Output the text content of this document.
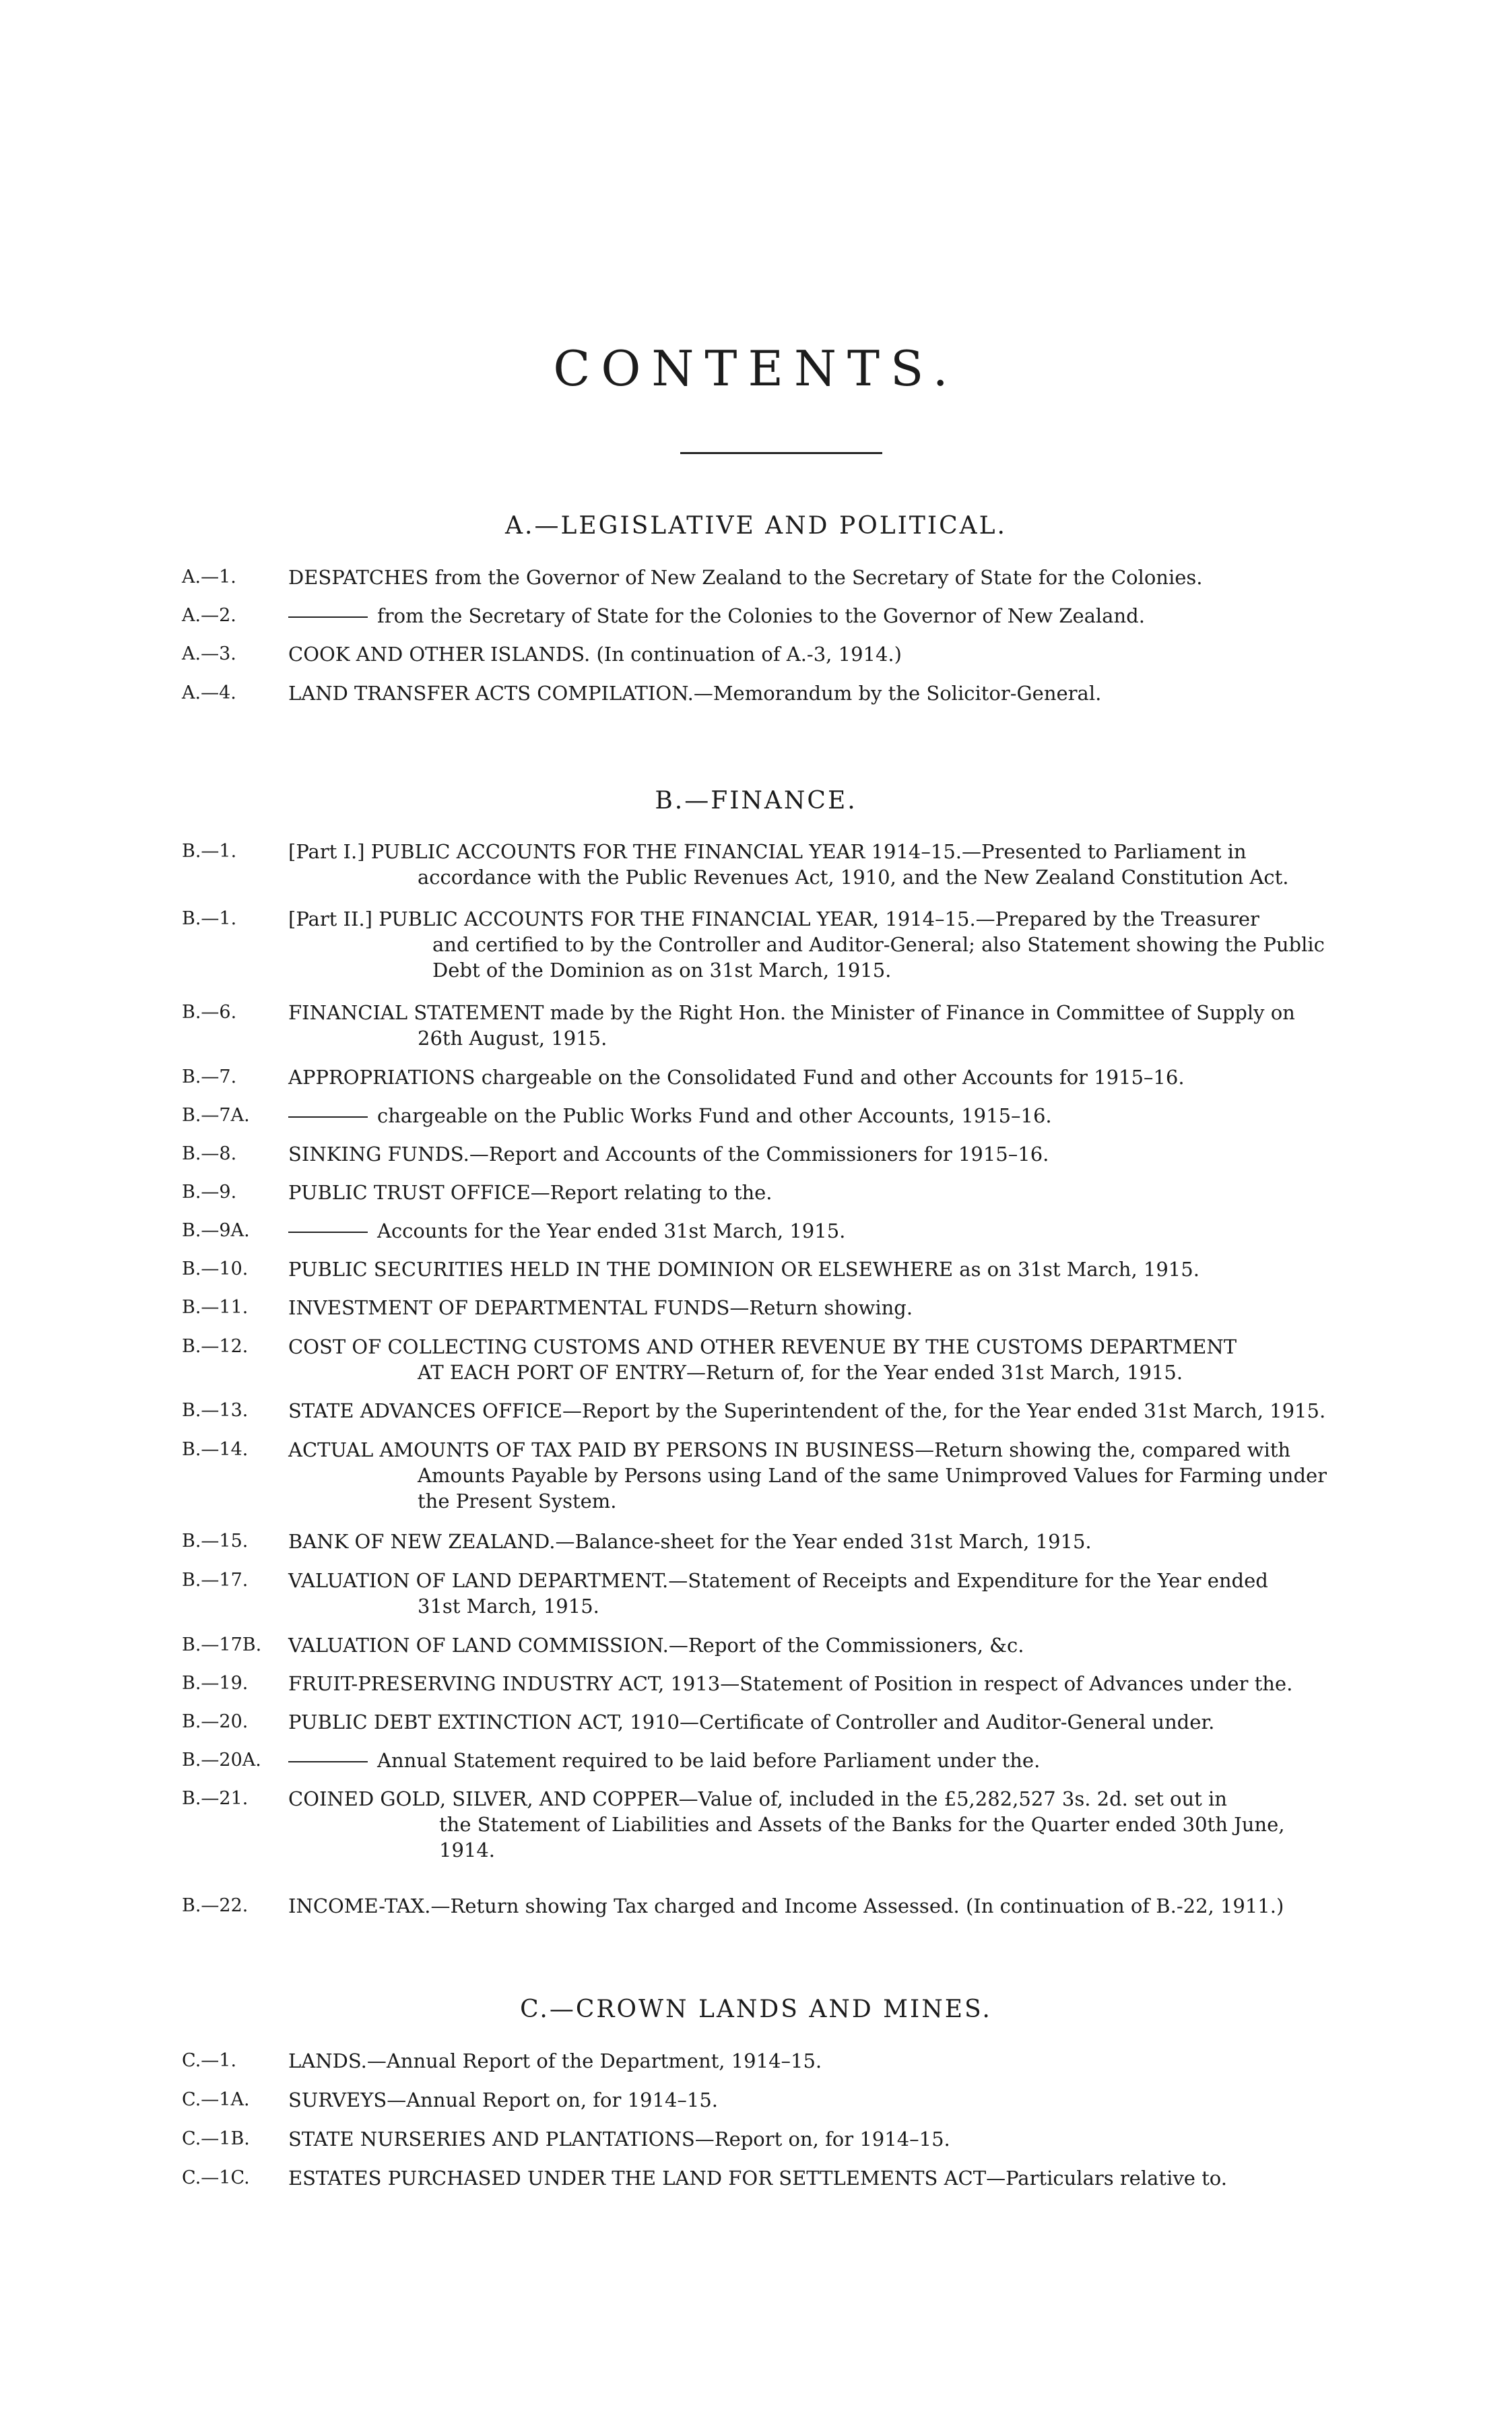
CONTENTS.
A.—LEGISLATIVE AND POLITICAL.
A.—1.	DESPATCHES from the Governor of New Zealand to the Secretary of State for the Colonies.
A.—2.	from the Secretary of State for the Colonies to the Governor of New Zealand.
A.—3.	COOK AND OTHER ISLANDS. (In continuation of A.-3, 1914.)
A.—4.	LAND TRANSFER ACTS COMPILATION.—Memorandum by the Solicitor-General.
B.—FINANCE.
B.—1.	[Part I.] PUBLIC ACCOUNTS FOR THE FINANCIAL YEAR 1914–15.—Presented to Parliament in
accordance with the Public Revenues Act, 1910, and the New Zealand Constitution Act.
B.—1.	[Part II.] PUBLIC ACCOUNTS FOR THE FINANCIAL YEAR, 1914–15.—Prepared by the Treasurer
and certified to by the Controller and Auditor-General; also Statement showing the Public
Debt of the Dominion as on 31st March, 1915.
B.—6.	FINANCIAL STATEMENT made by the Right Hon. the Minister of Finance in Committee of Supply on
26th August, 1915.
B.—7.	APPROPRIATIONS chargeable on the Consolidated Fund and other Accounts for 1915–16.
B.—7A.	chargeable on the Public Works Fund and other Accounts, 1915–16.
B.—8.	SINKING FUNDS.—Report and Accounts of the Commissioners for 1915–16.
B.—9.	PUBLIC TRUST OFFICE—Report relating to the.
B.—9A.	Accounts for the Year ended 31st March, 1915.
B.—10.	PUBLIC SECURITIES HELD IN THE DOMINION OR ELSEWHERE as on 31st March, 1915.
B.—11.	INVESTMENT OF DEPARTMENTAL FUNDS—Return showing.
B.—12.	COST OF COLLECTING CUSTOMS AND OTHER REVENUE BY THE CUSTOMS DEPARTMENT
AT EACH PORT OF ENTRY—Return of, for the Year ended 31st March, 1915.
B.—13.	STATE ADVANCES OFFICE—Report by the Superintendent of the, for the Year ended 31st March, 1915.
B.—14.	ACTUAL AMOUNTS OF TAX PAID BY PERSONS IN BUSINESS—Return showing the, compared with
Amounts Payable by Persons using Land of the same Unimproved Values for Farming under
the Present System.
B.—15.	BANK OF NEW ZEALAND.—Balance-sheet for the Year ended 31st March, 1915.
B.—17.	VALUATION OF LAND DEPARTMENT.—Statement of Receipts and Expenditure for the Year ended
31st March, 1915.
B.—17B.	VALUATION OF LAND COMMISSION.—Report of the Commissioners, &c.
B.—19.	FRUIT-PRESERVING INDUSTRY ACT, 1913—Statement of Position in respect of Advances under the.
B.—20.	PUBLIC DEBT EXTINCTION ACT, 1910—Certificate of Controller and Auditor-General under.
B.—20A.	Annual Statement required to be laid before Parliament under the.
B.—21.	COINED GOLD, SILVER, AND COPPER—Value of, included in the £5,282,527 3s. 2d. set out in
the Statement of Liabilities and Assets of the Banks for the Quarter ended 30th June,
1914.
B.—22.	INCOME-TAX.—Return showing Tax charged and Income Assessed. (In continuation of B.-22, 1911.)
C.—CROWN LANDS AND MINES.
C.—1.	LANDS.—Annual Report of the Department, 1914–15.
C.—1A.	SURVEYS—Annual Report on, for 1914–15.
C.—1B.	STATE NURSERIES AND PLANTATIONS—Report on, for 1914–15.
C.—1C.	ESTATES PURCHASED UNDER THE LAND FOR SETTLEMENTS ACT—Particulars relative to.
